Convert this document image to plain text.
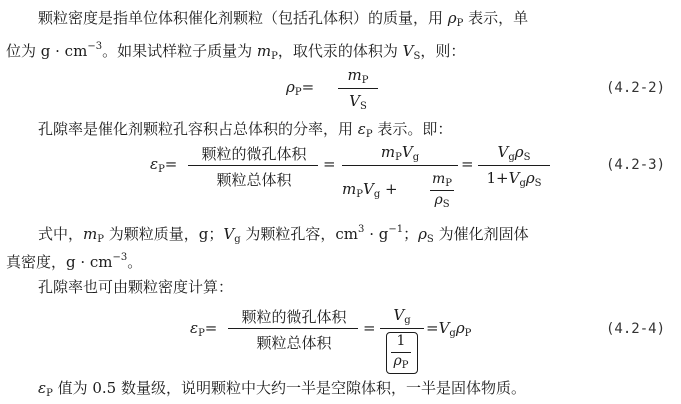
颗粒密度是指单位体积催化剂颗粒（包括孔体积）的质量，用 $\rho_P$ 表示，单
位为 $g \cdot cm^{-3}$。如果试样粒子质量为 $m_P$，取代汞的体积为 $V_S$，则：
$\rho_P=$
$m_P$
$V_S$
(4.2-2)
孔隙率是催化剂颗粒孔容积占总体积的分率，用 $\varepsilon_P$ 表示。即：
$\varepsilon_P=$
颗粒的微孔体积
颗粒总体积
=
$m_PV_g$
$m_PV_g$ +
$m_P$
$\rho_S$
=
$V_g\rho_S$
$1+V_g\rho_S$
(4.2-3)
式中，$m_P$ 为颗粒质量，g；$V_g$ 为颗粒孔容，$cm^3 \cdot g^{-1}$；$\rho_S$ 为催化剂固体
真密度，$g \cdot cm^{-3}$。
孔隙率也可由颗粒密度计算：
$\varepsilon_P=$
颗粒的微孔体积
颗粒总体积
=
$V_g$
1
$\rho_P$
$=V_g\rho_P$	(4.2-4)
$\varepsilon_P$ 值为 0.5 数量级，说明颗粒中大约一半是空隙体积，一半是固体物质。
